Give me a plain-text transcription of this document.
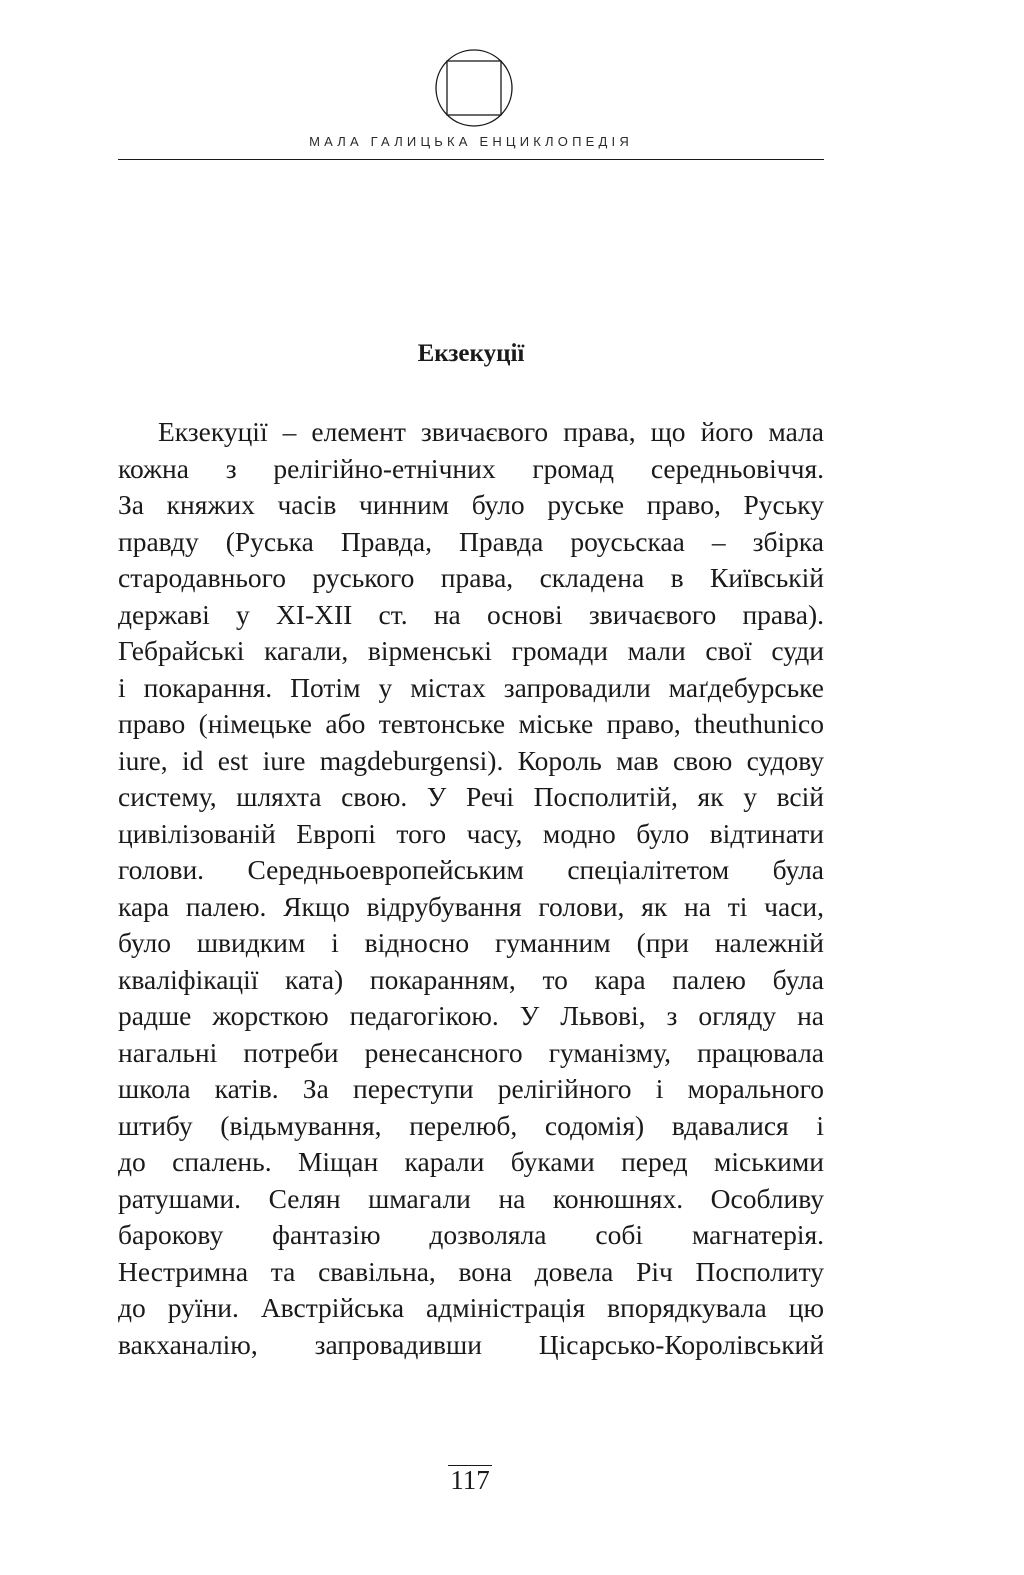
МАЛА ГАЛИЦЬКА ЕНЦИКЛОПЕДІЯ
Екзекуції
Екзекуції – елемент звичаєвого права, що його мала
кожна з релігійно-етнічних громад середньовіччя.
За княжих часів чинним було руське право, Руську
правду (Руська Правда, Правда роусьскаа – збірка
стародавнього руського права, складена в Київській
державі у XI-XII ст. на основі звичаєвого права).
Гебрайські кагали, вірменські громади мали свої суди
і покарання. Потім у містах запровадили маґдебурське
право (німецьке або тевтонське міське право, theuthunico
iure, id est iure magdeburgensi). Король мав свою судову
систему, шляхта свою. У Речі Посполитій, як у всій
цивілізованій Европі того часу, модно було відтинати
голови. Середньоевропейським спеціалітетом була
кара палею. Якщо відрубування голови, як на ті часи,
було швидким і відносно гуманним (при належній
кваліфікації ката) покаранням, то кара палею була
радше жорсткою педагогікою. У Львові, з огляду на
нагальні потреби ренесансного гуманізму, працювала
школа катів. За переступи релігійного і морального
штибу (відьмування, перелюб, содомія) вдавалися і
до спалень. Міщан карали буками перед міськими
ратушами. Селян шмагали на конюшнях. Особливу
барокову фантазію дозволяла собі магнатерія.
Нестримна та свавільна, вона довела Річ Посполиту
до руїни. Австрійська адміністрація впорядкувала цю
вакханалію, запровадивши Цісарсько-Королівський
117
